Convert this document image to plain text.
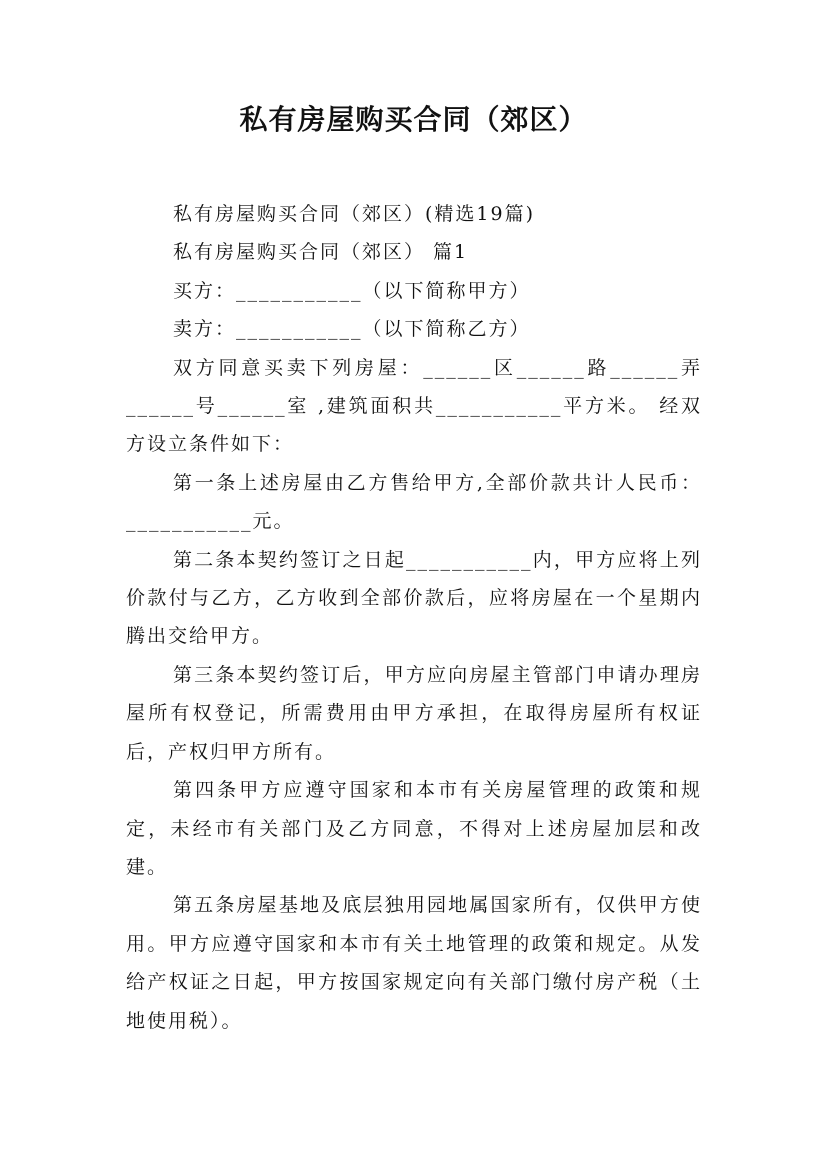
私有房屋购买合同（郊区）

私有房屋购买合同（郊区）(精选19篇)

私有房屋购买合同（郊区） 篇1

买方：___________（以下简称甲方）

卖方：___________（以下简称乙方）

双方同意买卖下列房屋：______区______路______弄______号______室 ,建筑面积共___________平方米。 经双方设立条件如下：

第一条上述房屋由乙方售给甲方,全部价款共计人民币：___________元。

第二条本契约签订之日起___________内，甲方应将上列价款付与乙方，乙方收到全部价款后，应将房屋在一个星期内腾出交给甲方。

第三条本契约签订后，甲方应向房屋主管部门申请办理房屋所有权登记，所需费用由甲方承担，在取得房屋所有权证后，产权归甲方所有。

第四条甲方应遵守国家和本市有关房屋管理的政策和规定，未经市有关部门及乙方同意，不得对上述房屋加层和改建。

第五条房屋基地及底层独用园地属国家所有，仅供甲方使用。甲方应遵守国家和本市有关土地管理的政策和规定。从发给产权证之日起，甲方按国家规定向有关部门缴付房产税（土地使用税）。
